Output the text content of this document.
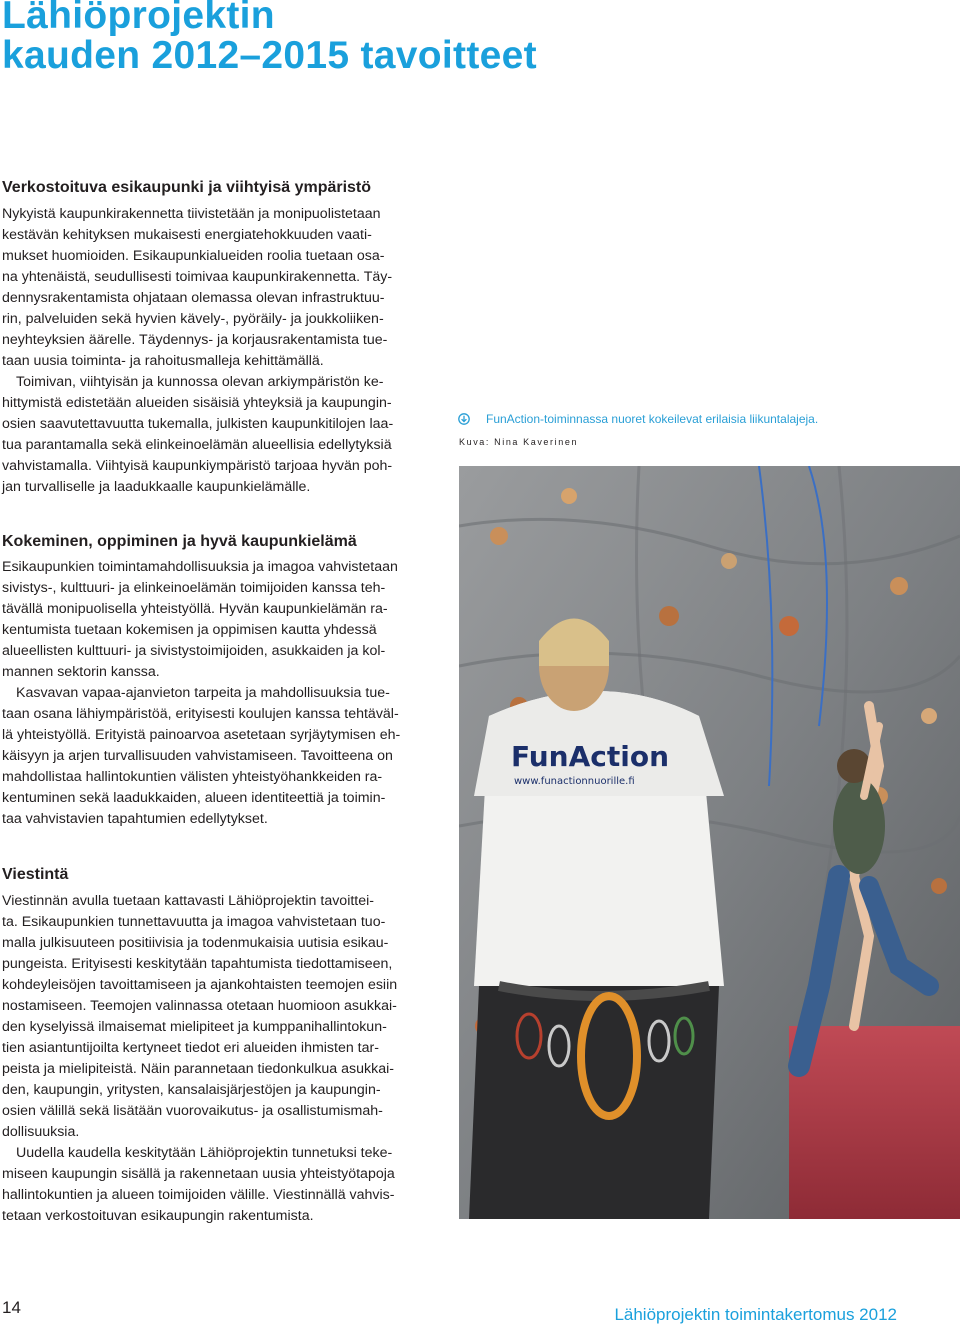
Lähiöprojektin
kauden 2012–2015 tavoitteet
Verkostoituva esikaupunki ja viihtyisä ympäristö
Nykyistä kaupunkirakennetta tiivistetään ja monipuolistetaan
kestävän kehityksen mukaisesti energiatehokkuuden vaati-
mukset huomioiden. Esikaupunkialueiden roolia tuetaan osa-
na yhtenäistä, seudullisesti toimivaa kaupunkirakennetta. Täy-
dennysrakentamista ohjataan olemassa olevan infrastruktuu-
rin, palveluiden sekä hyvien kävely-, pyöräily- ja joukkoliiken-
neyhteyksien äärelle. Täydennys- ja korjausrakentamista tue-
taan uusia toiminta- ja rahoitusmalleja kehittämällä.
Toimivan, viihtyisän ja kunnossa olevan arkiympäristön ke-
hittymistä edistetään alueiden sisäisiä yhteyksiä ja kaupungin-
osien saavutettavuutta tukemalla, julkisten kaupunkitilojen laa-
tua parantamalla sekä elinkeinoelämän alueellisia edellytyksiä
vahvistamalla. Viihtyisä kaupunkiympäristö tarjoaa hyvän poh-
jan turvalliselle ja laadukkaalle kaupunkielämälle.
Kokeminen, oppiminen ja hyvä kaupunkielämä
Esikaupunkien toimintamahdollisuuksia ja imagoa vahvistetaan
sivistys-, kulttuuri- ja elinkeinoelämän toimijoiden kanssa teh-
tävällä monipuolisella yhteistyöllä. Hyvän kaupunkielämän ra-
kentumista tuetaan kokemisen ja oppimisen kautta yhdessä
alueellisten kulttuuri- ja sivistystoimijoiden, asukkaiden ja kol-
mannen sektorin kanssa.
Kasvavan vapaa-ajanvieton tarpeita ja mahdollisuuksia tue-
taan osana lähiympäristöä, erityisesti koulujen kanssa tehtäväl-
lä yhteistyöllä. Erityistä painoarvoa asetetaan syrjäytymisen eh-
käisyyn ja arjen turvallisuuden vahvistamiseen. Tavoitteena on
mahdollistaa hallintokuntien välisten yhteistyöhankkeiden ra-
kentuminen sekä laadukkaiden, alueen identiteettiä ja toimin-
taa vahvistavien tapahtumien edellytykset.
Viestintä
Viestinnän avulla tuetaan kattavasti Lähiöprojektin tavoittei-
ta. Esikaupunkien tunnettavuutta ja imagoa vahvistetaan tuo-
malla julkisuuteen positiivisia ja todenmukaisia uutisia esikau-
pungeista. Erityisesti keskitytään tapahtumista tiedottamiseen,
kohdeyleisöjen tavoittamiseen ja ajankohtaisten teemojen esiin
nostamiseen. Teemojen valinnassa otetaan huomioon asukkai-
den kyselyissä ilmaisemat mielipiteet ja kumppanihallintokun-
tien asiantuntijoilta kertyneet tiedot eri alueiden ihmisten tar-
peista ja mielipiteistä. Näin parannetaan tiedonkulkua asukkai-
den, kaupungin, yritysten, kansalaisjärjestöjen ja kaupungin-
osien välillä sekä lisätään vuorovaikutus- ja osallistumismah-
dollisuuksia.
Uudella kaudella keskitytään Lähiöprojektin tunnetuksi teke-
miseen kaupungin sisällä ja rakennetaan uusia yhteistyötapoja
hallintokuntien ja alueen toimijoiden välille. Viestinnällä vahvis-
tetaan verkostoituvan esikaupungin rakentumista.
FunAction-toiminnassa nuoret kokeilevat erilaisia liikuntalajeja.
Kuva: Nina Kaverinen
FunAction
www.funactionnuorille.fi
14	Lähiöprojektin toimintakertomus 2012
